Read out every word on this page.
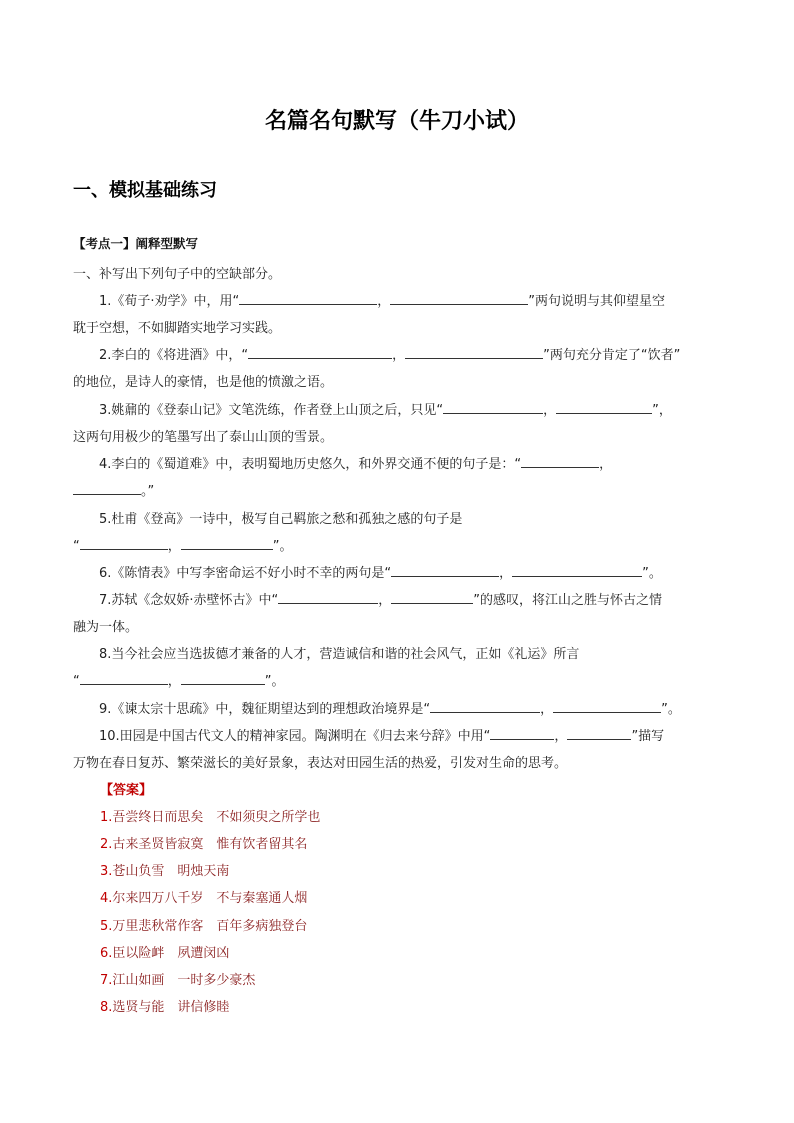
名篇名句默写（牛刀小试）
一、模拟基础练习
【考点一】阐释型默写
一、补写出下列句子中的空缺部分。
1.《荀子·劝学》中，用“	，	”两句说明与其仰望星空
耽于空想，不如脚踏实地学习实践。
2.李白的《将进酒》中，“	，	”两句充分肯定了“饮者”
的地位，是诗人的豪情，也是他的愤激之语。
3.姚鼐的《登泰山记》文笔洗练，作者登上山顶之后，只见“	，	”，
这两句用极少的笔墨写出了泰山山顶的雪景。
4.李白的《蜀道难》中，表明蜀地历史悠久，和外界交通不便的句子是：“	，
。”
5.杜甫《登高》一诗中，极写自己羁旅之愁和孤独之感的句子是
“	，	”。
6.《陈情表》中写李密命运不好小时不幸的两句是“	，	”。
7.苏轼《念奴娇·赤壁怀古》中“	，	”的感叹，将江山之胜与怀古之情
融为一体。
8.当今社会应当选拔德才兼备的人才，营造诚信和谐的社会风气，正如《礼运》所言
“	，	”。
9.《谏太宗十思疏》中，魏征期望达到的理想政治境界是“	，	”。
10.田园是中国古代文人的精神家园。陶渊明在《归去来兮辞》中用“	，	”描写
万物在春日复苏、繁荣滋长的美好景象，表达对田园生活的热爱，引发对生命的思考。
【答案】
1.吾尝终日而思矣　不如须臾之所学也
2.古来圣贤皆寂寞　惟有饮者留其名
3.苍山负雪　明烛天南
4.尔来四万八千岁　不与秦塞通人烟
5.万里悲秋常作客　百年多病独登台
6.臣以险衅　夙遭闵凶
7.江山如画　一时多少豪杰
8.选贤与能　讲信修睦
